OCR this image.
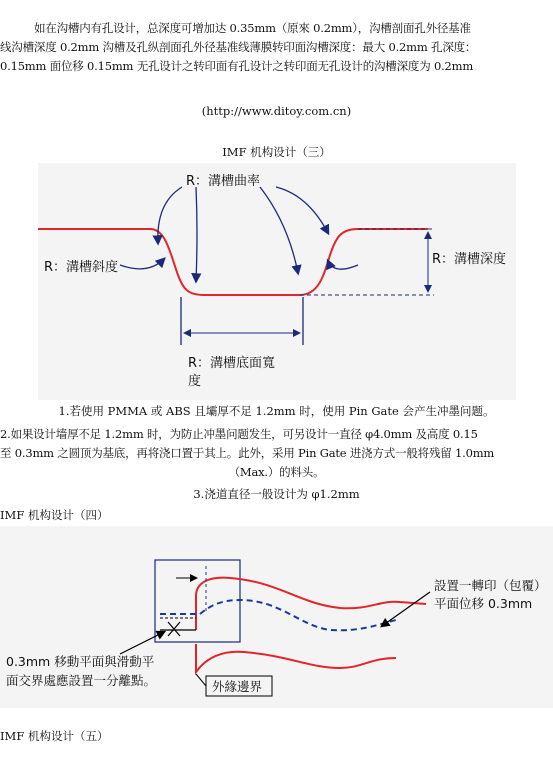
如在沟槽内有孔设计，总深度可增加达 0.35mm（原來 0.2mm），沟槽剖面孔外径基准
线沟槽深度 0.2mm 沟槽及孔纵剖面孔外径基准线薄膜转印面沟槽深度：最大 0.2mm 孔深度：
0.15mm 面位移 0.15mm 无孔设计之转印面有孔设计之转印面无孔设计的沟槽深度为 0.2mm
(http://www.ditoy.com.cn)
IMF 机构设计（三）
R：溝槽曲率
R：溝槽斜度
R：溝槽深度
R：溝槽底面寬
度
1.若使用 PMMA 或 ABS 且壩厚不足 1.2mm 时，使用 Pin Gate 会产生冲墨问题。
2.如果设计墙厚不足 1.2mm 时，为防止冲墨问题发生，可另设计一直径 φ4.0mm 及高度 0.15
至 0.3mm 之圆顶为基底，再将浇口置于其上。此外，采用 Pin Gate 进浇方式一般将残留 1.0mm
（Max.）的料头。
3.浇道直径一般设计为 φ1.2mm
IMF 机构设计（四）
設置一轉印（包覆）
平面位移 0.3mm
0.3mm 移動平面與滑動平
面交界處應設置一分離點。	外緣邊界
IMF 机构设计（五）
